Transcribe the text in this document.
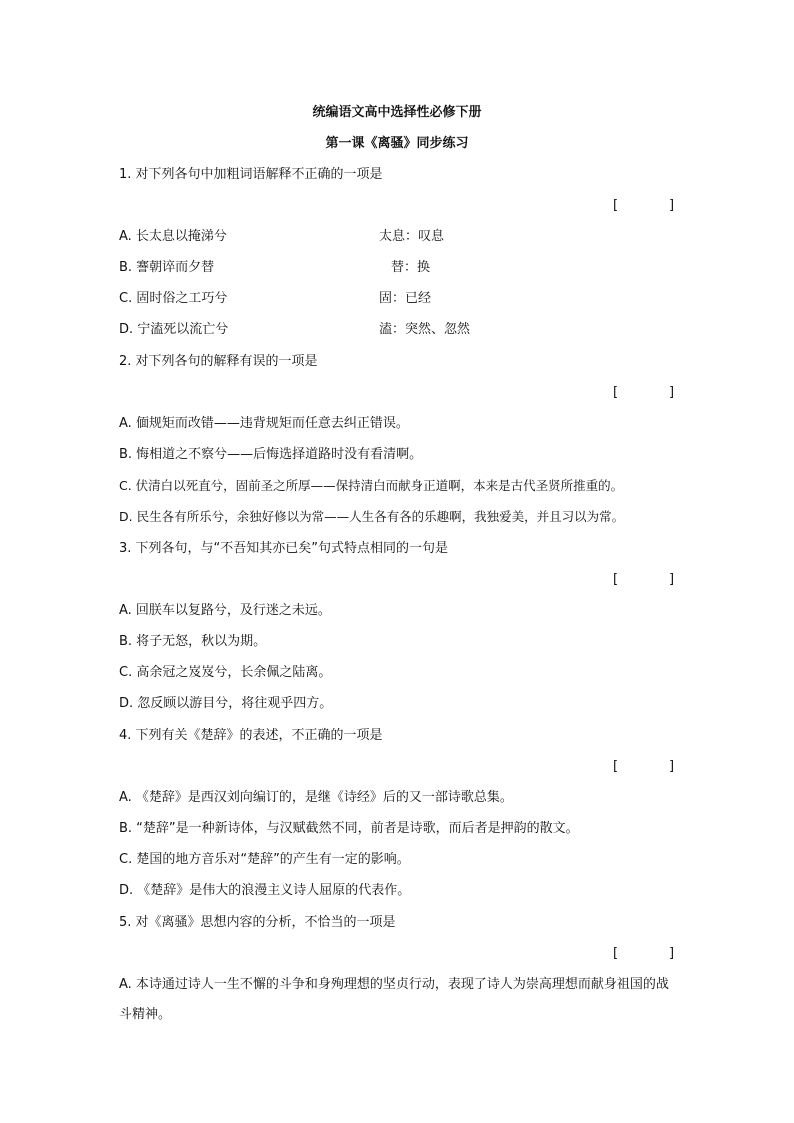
统编语文高中选择性必修下册
第一课《离骚》同步练习
1. 对下列各句中加粗词语解释不正确的一项是
[	]
A. 长太息以掩涕兮	太息：叹息
B. 謇朝谇而夕替	替：换
C. 固时俗之工巧兮	固：已经
D. 宁溘死以流亡兮	溘：突然、忽然
2. 对下列各句的解释有误的一项是
[	]
A. 偭规矩而改错——违背规矩而任意去纠正错误。
B. 悔相道之不察兮——后悔选择道路时没有看清啊。
C. 伏清白以死直兮，固前圣之所厚——保持清白而献身正道啊，本来是古代圣贤所推重的。
D. 民生各有所乐兮，余独好修以为常——人生各有各的乐趣啊，我独爱美，并且习以为常。
3. 下列各句，与“不吾知其亦已矣”句式特点相同的一句是
[	]
A. 回朕车以复路兮，及行迷之未远。
B. 将子无怒，秋以为期。
C. 高余冠之岌岌兮，长余佩之陆离。
D. 忽反顾以游目兮，将往观乎四方。
4. 下列有关《楚辞》的表述，不正确的一项是
[	]
A. 《楚辞》是西汉刘向编订的，是继《诗经》后的又一部诗歌总集。
B. “楚辞”是一种新诗体，与汉赋截然不同，前者是诗歌，而后者是押韵的散文。
C. 楚国的地方音乐对“楚辞”的产生有一定的影响。
D. 《楚辞》是伟大的浪漫主义诗人屈原的代表作。
5. 对《离骚》思想内容的分析，不恰当的一项是
[	]
A. 本诗通过诗人一生不懈的斗争和身殉理想的坚贞行动，表现了诗人为崇高理想而献身祖国的战斗精神。
